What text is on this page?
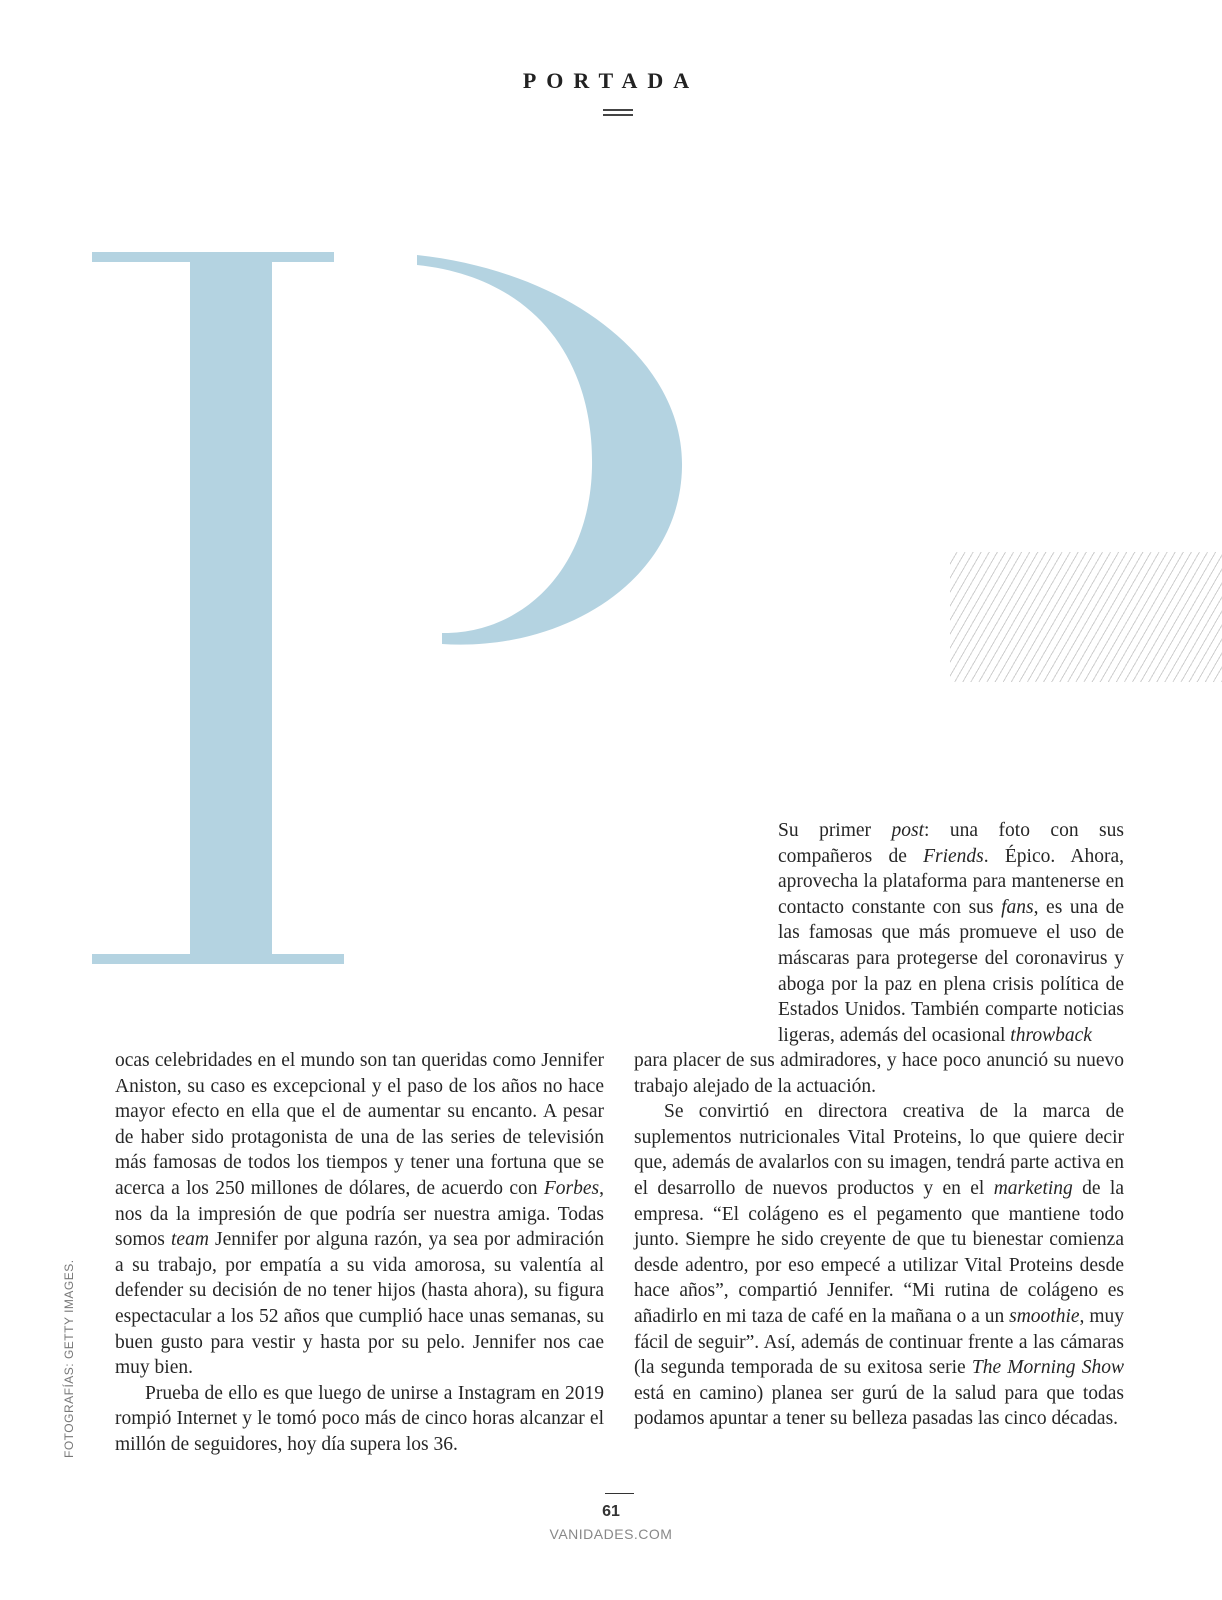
PORTADA

Su primer post: una foto con sus compañeros de Friends. Épico. Ahora, aprovecha la plataforma para mantenerse en contacto constante con sus fans, es una de las famosas que más promueve el uso de máscaras para protegerse del coronavirus y aboga por la paz en plena crisis política de Estados Unidos. También comparte noticias ligeras, además del ocasional throwback

ocas celebridades en el mundo son tan queridas como Jennifer Aniston, su caso es excepcional y el paso de los años no hace mayor efecto en ella que el de aumentar su encanto. A pesar de haber sido protagonista de una de las series de televisión más famosas de todos los tiempos y tener una fortuna que se acerca a los 250 millones de dólares, de acuerdo con Forbes, nos da la impresión de que podría ser nuestra amiga. Todas somos team Jennifer por alguna razón, ya sea por admiración a su trabajo, por empatía a su vida amorosa, su valentía al defender su decisión de no tener hijos (hasta ahora), su figura espectacular a los 52 años que cumplió hace unas semanas, su buen gusto para vestir y hasta por su pelo. Jennifer nos cae muy bien.

Prueba de ello es que luego de unirse a Instagram en 2019 rompió Internet y le tomó poco más de cinco horas alcanzar el millón de seguidores, hoy día supera los 36.

para placer de sus admiradores, y hace poco anunció su nuevo trabajo alejado de la actuación.

Se convirtió en directora creativa de la marca de suplementos nutricionales Vital Proteins, lo que quiere decir que, además de avalarlos con su imagen, tendrá parte activa en el desarrollo de nuevos productos y en el marketing de la empresa. “El colágeno es el pegamento que mantiene todo junto. Siempre he sido creyente de que tu bienestar comienza desde adentro, por eso empecé a utilizar Vital Proteins desde hace años”, compartió Jennifer. “Mi rutina de colágeno es añadirlo en mi taza de café en la mañana o a un smoothie, muy fácil de seguir”. Así, además de continuar frente a las cámaras (la segunda temporada de su exitosa serie The Morning Show está en camino) planea ser gurú de la salud para que todas podamos apuntar a tener su belleza pasadas las cinco décadas.

FOTOGRAFÍAS: GETTY IMAGES.
61
VANIDADES.COM
